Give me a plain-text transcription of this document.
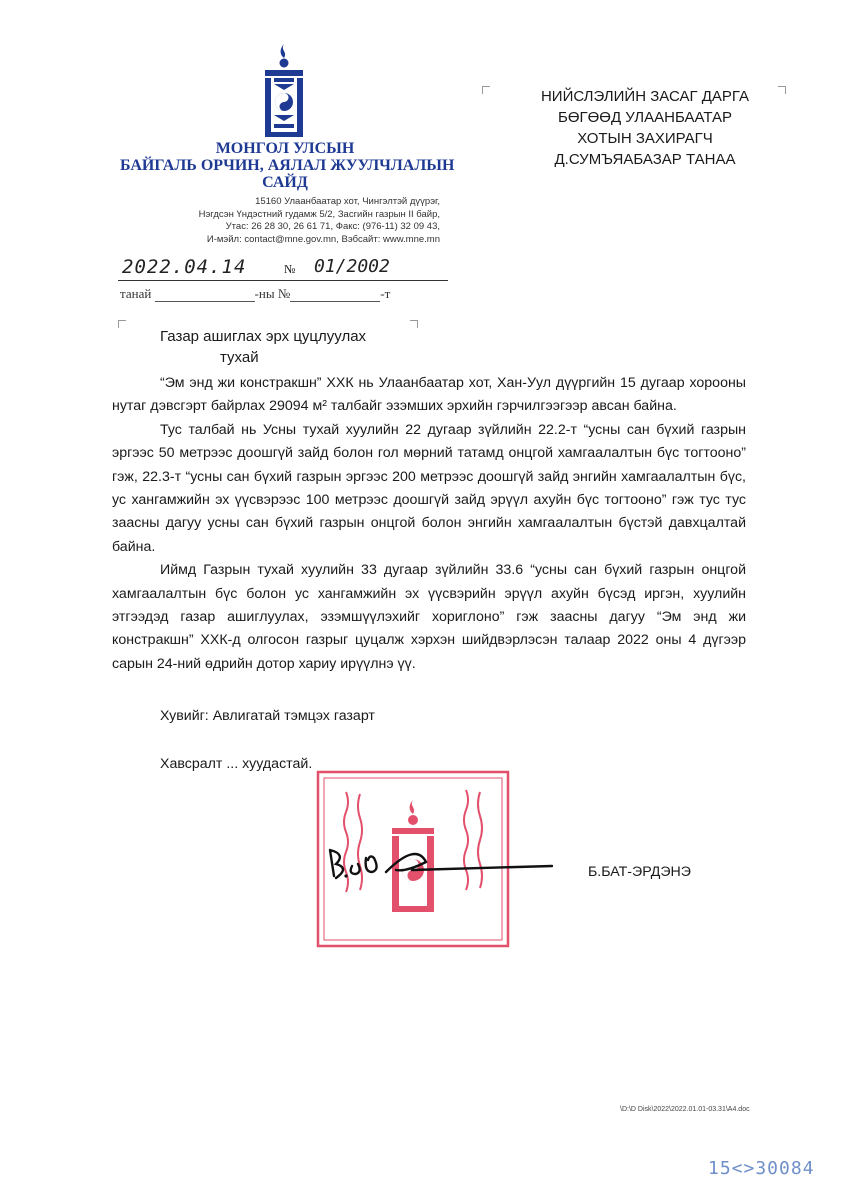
МОНГОЛ УЛСЫН
БАЙГАЛЬ ОРЧИН, АЯЛАЛ ЖУУЛЧЛАЛЫН
САЙД
15160 Улаанбаатар хот, Чингэлтэй дүүрэг,
Нэгдсэн Үндэстний гудамж 5/2, Засгийн газрын II байр,
Утас: 26 28 30, 26 61 71, Факс: (976-11) 32 09 43,
И-мэйл: contact@mne.gov.mn, Вэбсайт: www.mne.mn
2022.04.14	№ 01/2002
танай	-ны №	-т
НИЙСЛЭЛИЙН ЗАСАГ ДАРГА
БӨГӨӨД УЛААНБААТАР
ХОТЫН ЗАХИРАГЧ
Д.СУМЪЯАБАЗАР ТАНАА
Газар ашиглах эрх цуцлуулах
тухай

“Эм энд жи констракшн” ХХК нь Улаанбаатар хот, Хан-Уул дүүргийн 15 дугаар хорооны нутаг дэвсгэрт байрлах 29094 м² талбайг эзэмших эрхийн гэрчилгээгээр авсан байна.

Тус талбай нь Усны тухай хуулийн 22 дугаар зүйлийн 22.2-т “усны сан бүхий газрын эргээс 50 метрээс доошгүй зайд болон гол мөрний татамд онцгой хамгаалалтын бүс тогтооно” гэж, 22.3-т “усны сан бүхий газрын эргээс 200 метрээс доошгүй зайд энгийн хамгаалалтын бүс, ус хангамжийн эх үүсвэрээс 100 метрээс доошгүй зайд эрүүл ахуйн бүс тогтооно” гэж тус тус заасны дагуу усны сан бүхий газрын онцгой болон энгийн хамгаалалтын бүстэй давхцалтай байна.

Иймд Газрын тухай хуулийн 33 дугаар зүйлийн 33.6 “усны сан бүхий газрын онцгой хамгаалалтын бүс болон ус хангамжийн эх үүсвэрийн эрүүл ахуйн бүсэд иргэн, хуулийн этгээдэд газар ашиглуулах, эзэмшүүлэхийг хориглоно” гэж заасны дагуу “Эм энд жи констракшн” ХХК-д олгосон газрыг цуцалж хэрхэн шийдвэрлэсэн талаар 2022 оны 4 дүгээр сарын 24-ний өдрийн дотор хариу ирүүлнэ үү.

Хувийг: Авлигатай тэмцэх газарт
Хавсралт ... хуудастай.
Б.БАТ-ЭРДЭНЭ
\D:\D Disk\2022\2022.01.01-03.31\A4.doc
15<>30084
